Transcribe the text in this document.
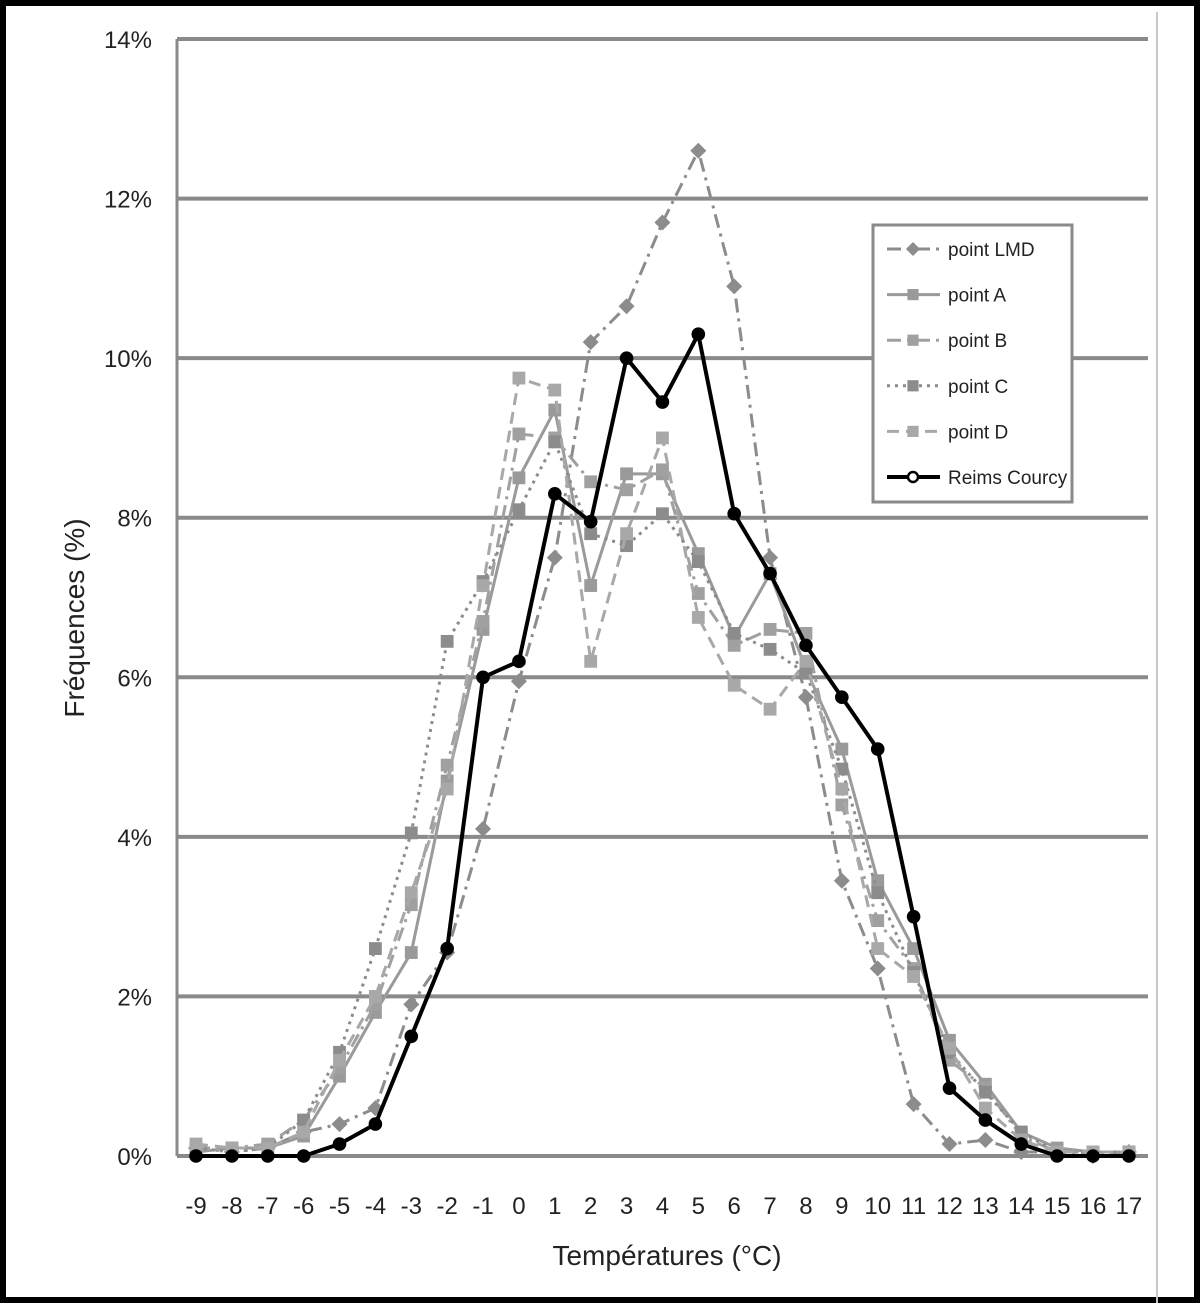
0%
2%
4%
6%
8%
10%
12%
14%
-9 -8 -7 -6 -5 -4 -3 -2 -1 0 1 2 3 4 5 6 7 8 9 10 11 12 13 14 15 16 17
Fréquences (%)
Températures (°C)
point LMD
point A
point B
point C
point D
Reims Courcy
